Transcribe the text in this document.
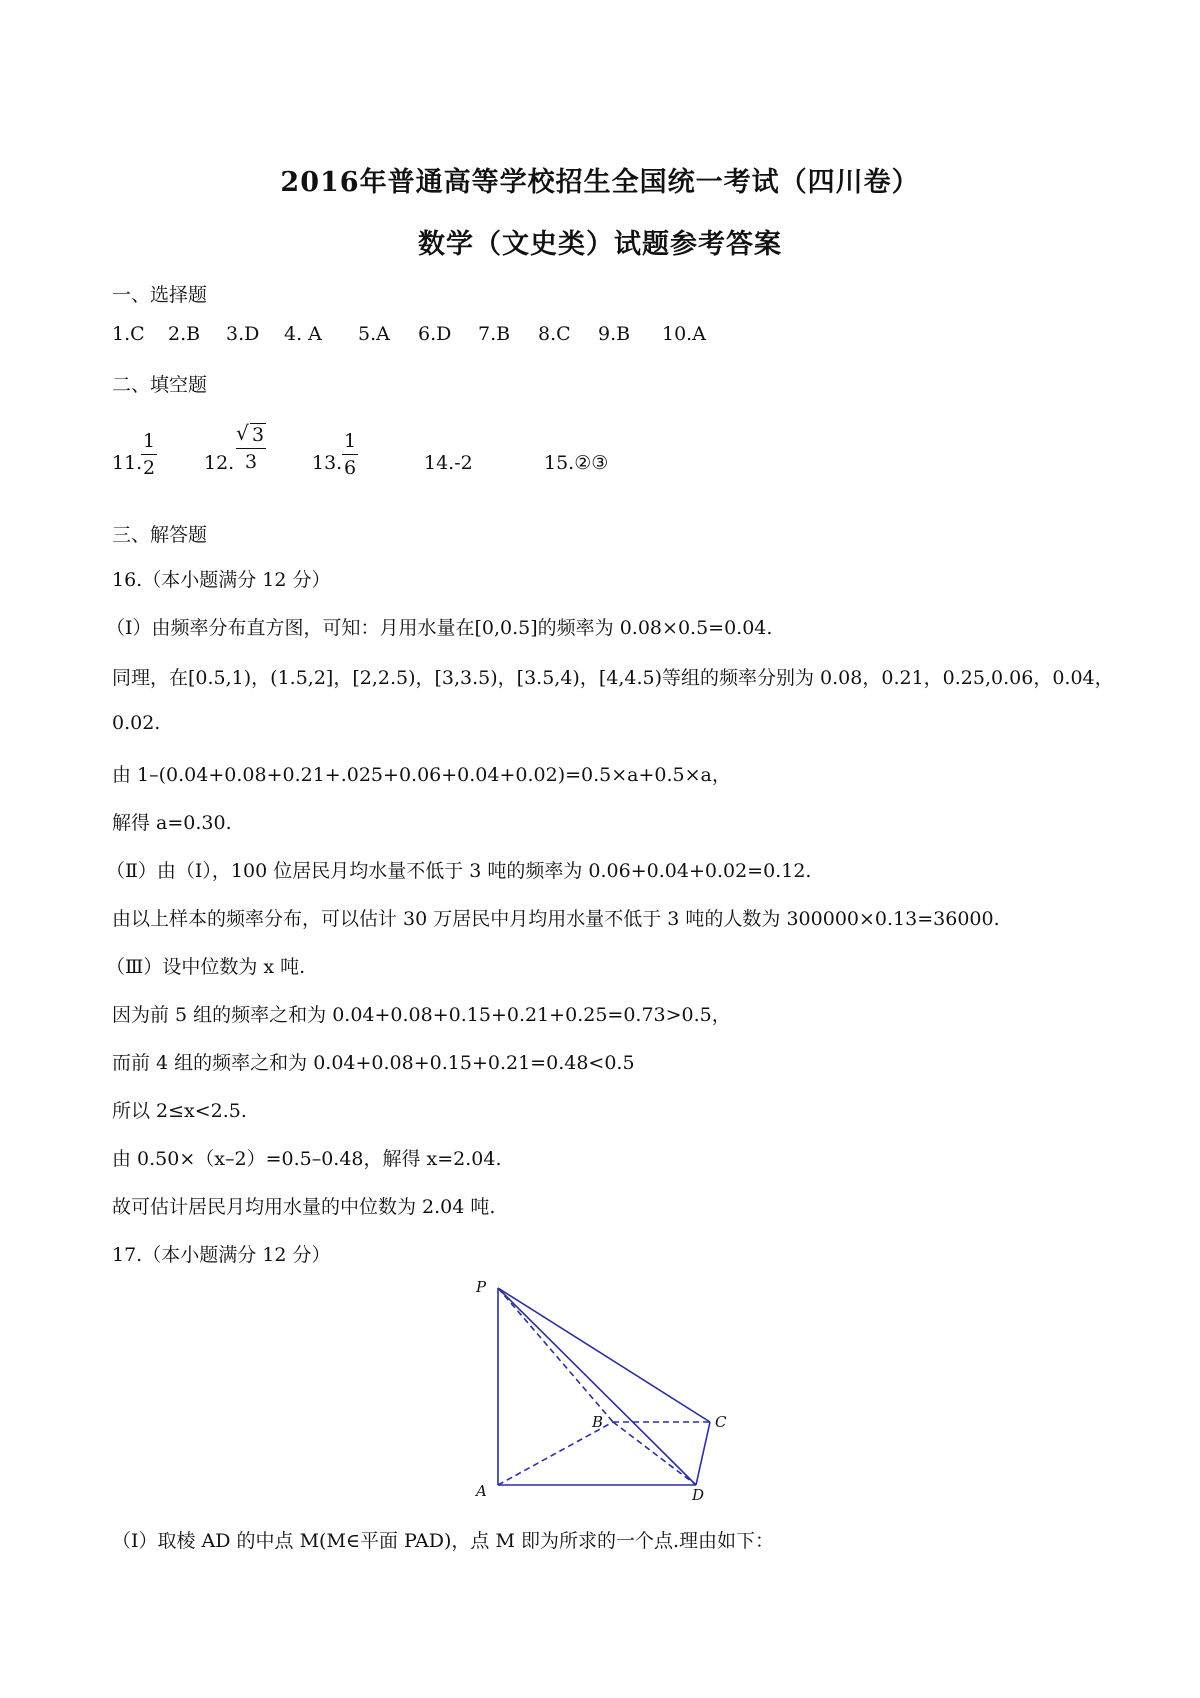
2016年普通高等学校招生全国统一考试（四川卷）
数学（文史类）试题参考答案
一、选择题
1.C 2.B 3.D 4. A 5.A 6.D 7.B 8.C 9.B 10.A
二、填空题
11.
1
2	12.
√ 3
3	13.
1
6	14.-2	15.②③
三、解答题
16.（本小题满分 12 分）
（Ⅰ）由频率分布直方图，可知：月用水量在[0,0.5]的频率为 0.08×0.5=0.04.
同理，在[0.5,1)，(1.5,2]，[2,2.5)，[3,3.5)，[3.5,4)，[4,4.5)等组的频率分别为 0.08，0.21，0.25,0.06，0.04，
0.02.
由 1–(0.04+0.08+0.21+.025+0.06+0.04+0.02)=0.5×a+0.5×a，
解得 a=0.30.
（Ⅱ）由（Ⅰ），100 位居民月均水量不低于 3 吨的频率为 0.06+0.04+0.02=0.12.
由以上样本的频率分布，可以估计 30 万居民中月均用水量不低于 3 吨的人数为 300000×0.13=36000.
（Ⅲ）设中位数为 x 吨.
因为前 5 组的频率之和为 0.04+0.08+0.15+0.21+0.25=0.73>0.5，
而前 4 组的频率之和为 0.04+0.08+0.15+0.21=0.48<0.5
所以 2≤x<2.5.
由 0.50×（x–2）=0.5–0.48，解得 x=2.04.
故可估计居民月均用水量的中位数为 2.04 吨.
17.（本小题满分 12 分）
P
A
B	C
D
（Ⅰ）取棱 AD 的中点 M(M∈平面 PAD)，点 M 即为所求的一个点.理由如下：
